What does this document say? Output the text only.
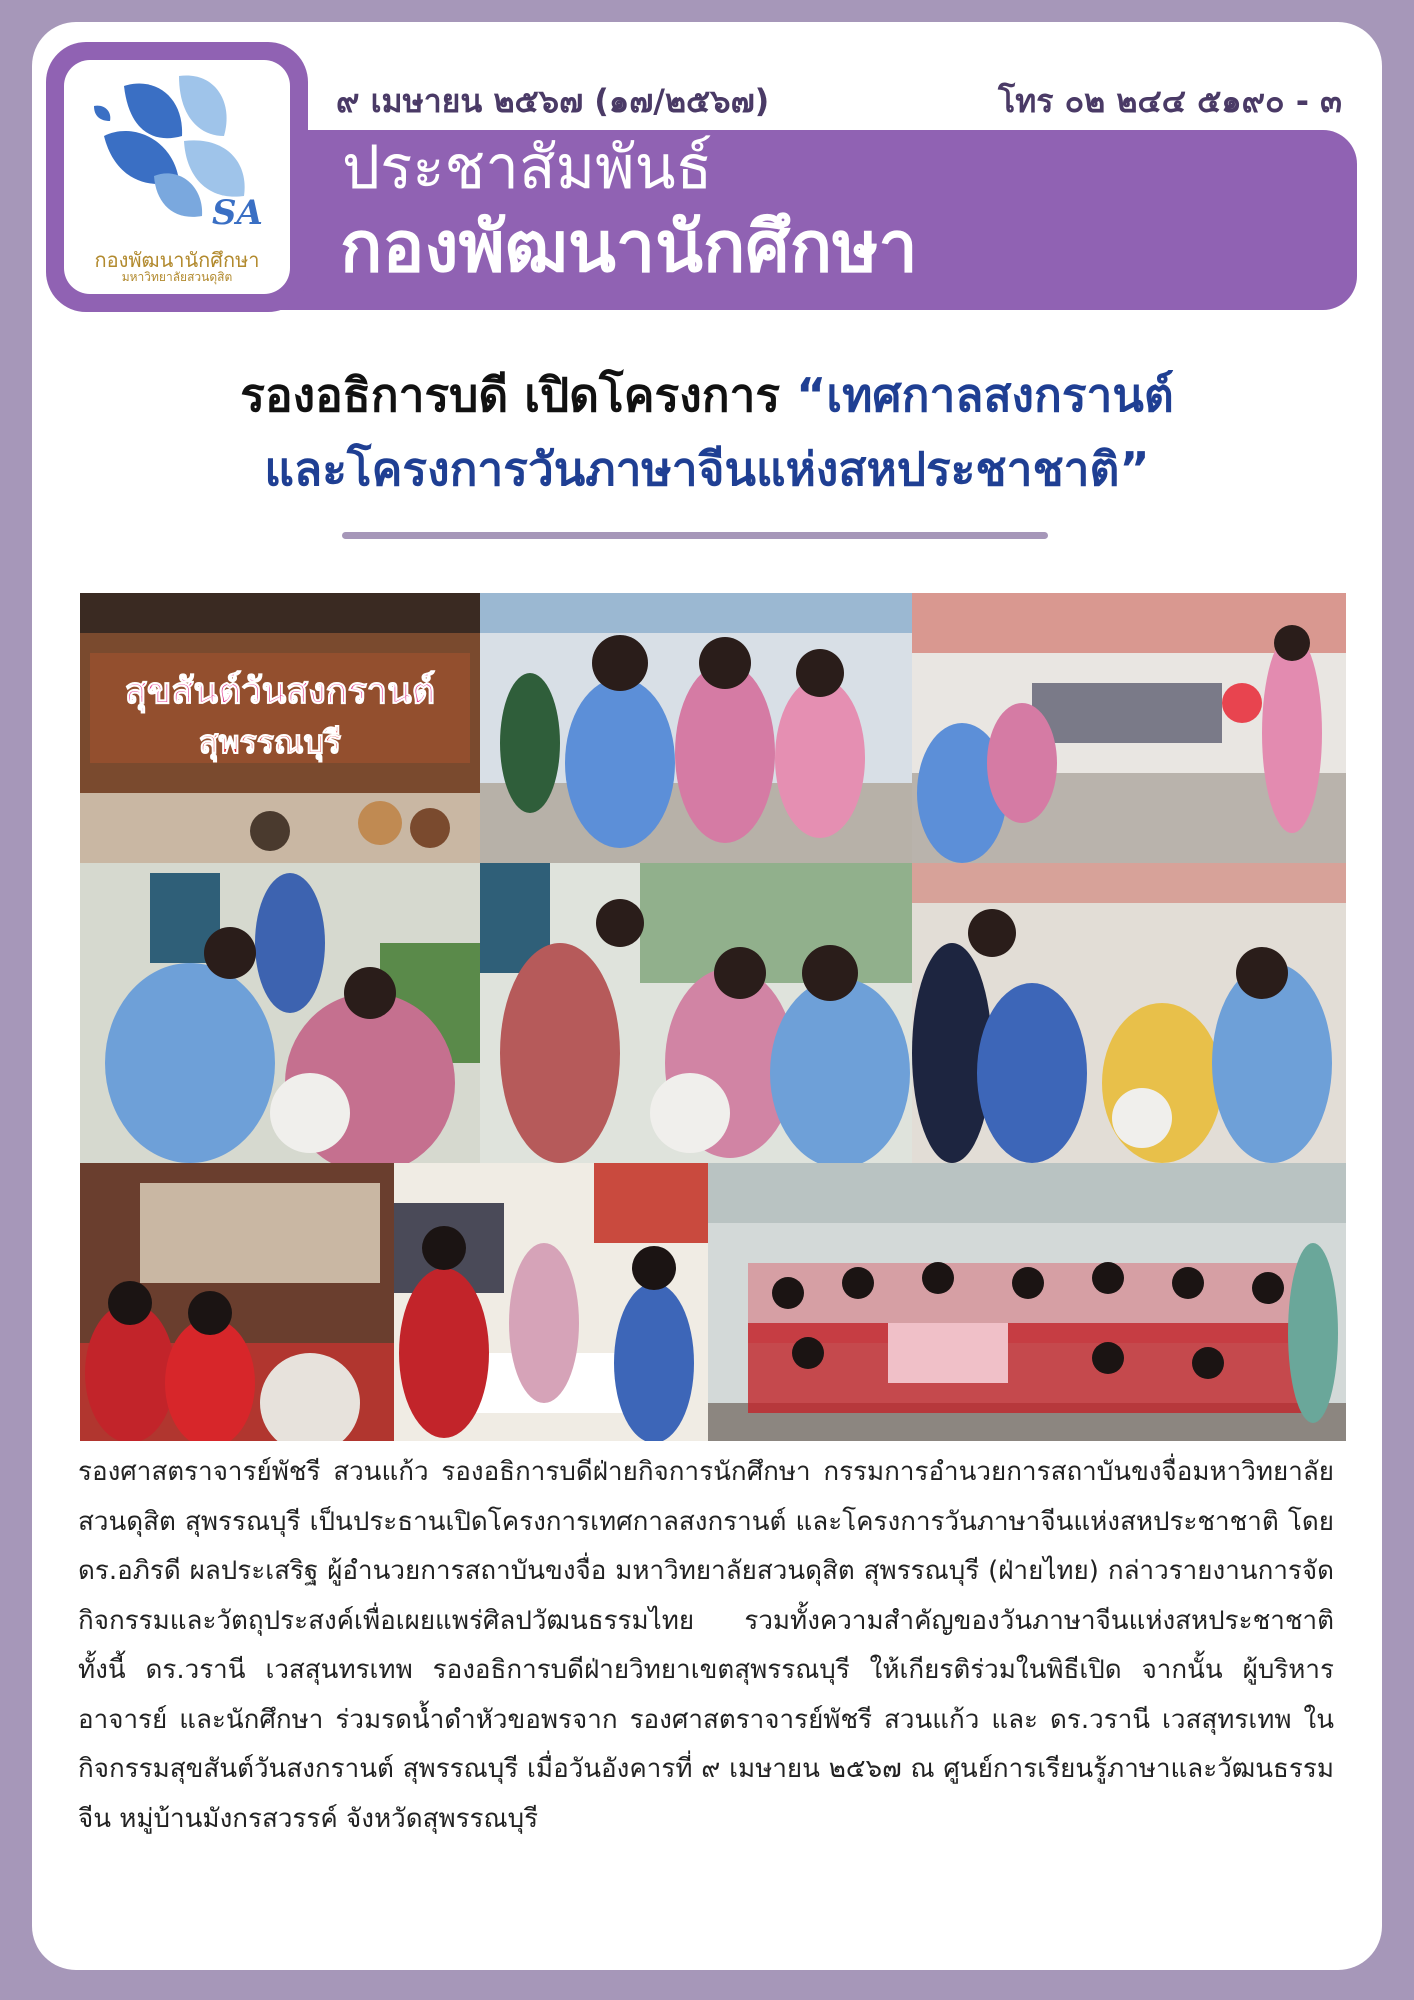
SA
กองพัฒนานักศึกษา
มหาวิทยาลัยสวนดุสิต
๙ เมษายน ๒๕๖๗ (๑๗/๒๕๖๗)	โทร ๐๒ ๒๔๔ ๕๑๙๐ - ๓
ประชาสัมพันธ์
กองพัฒนานักศึกษา
รองอธิการบดี เปิดโครงการ “เทศกาลสงกรานต์
และโครงการวันภาษาจีนแห่งสหประชาชาติ”
สุขสันต์วันสงกรานต์
สุพรรณบุรี
รองศาสตราจารย์พัชรี สวนแก้ว รองอธิการบดีฝ่ายกิจการนักศึกษา กรรมการอำนวยการสถาบันขงจื่อมหาวิทยาลัยสวนดุสิต สุพรรณบุรี เป็นประธานเปิดโครงการเทศกาลสงกรานต์ และโครงการวันภาษาจีนแห่งสหประชาชาติ โดย ดร.อภิรดี ผลประเสริฐ ผู้อำนวยการสถาบันขงจื่อ มหาวิทยาลัยสวนดุสิต สุพรรณบุรี (ฝ่ายไทย) กล่าวรายงานการจัดกิจกรรมและวัตถุประสงค์เพื่อเผยแพร่ศิลปวัฒนธรรมไทย รวมทั้งความสำคัญของวันภาษาจีนแห่งสหประชาชาติ ทั้งนี้ ดร.วรานี เวสสุนทรเทพ รองอธิการบดีฝ่ายวิทยาเขตสุพรรณบุรี ให้เกียรติร่วมในพิธีเปิด จากนั้น ผู้บริหาร อาจารย์ และนักศึกษา ร่วมรดน้ำดำหัวขอพรจาก รองศาสตราจารย์พัชรี สวนแก้ว และ ดร.วรานี เวสสุทรเทพ ในกิจกรรมสุขสันต์วันสงกรานต์ สุพรรณบุรี เมื่อวันอังคารที่ ๙ เมษายน ๒๕๖๗ ณ ศูนย์การเรียนรู้ภาษาและวัฒนธรรมจีน หมู่บ้านมังกรสวรรค์ จังหวัดสุพรรณบุรี
